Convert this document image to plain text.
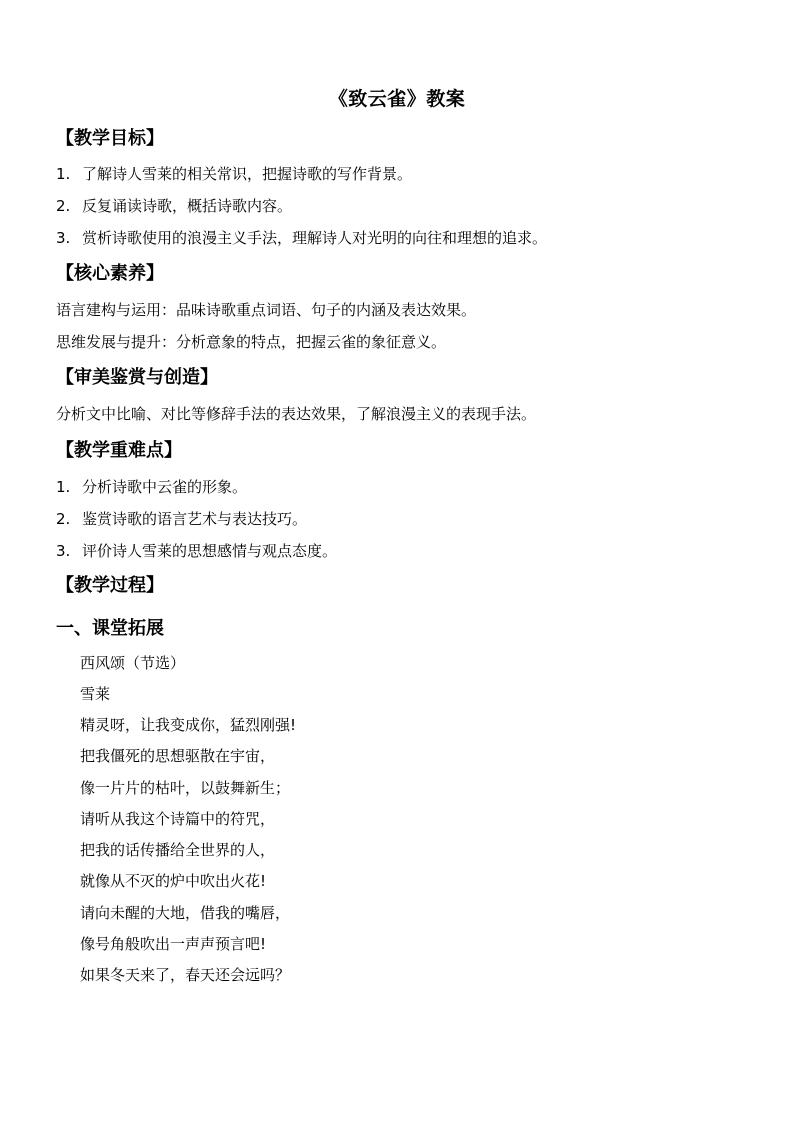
《致云雀》教案
【教学目标】
1. 了解诗人雪莱的相关常识，把握诗歌的写作背景。
2. 反复诵读诗歌，概括诗歌内容。
3. 赏析诗歌使用的浪漫主义手法，理解诗人对光明的向往和理想的追求。
【核心素养】
语言建构与运用：品味诗歌重点词语、句子的内涵及表达效果。
思维发展与提升：分析意象的特点，把握云雀的象征意义。
【审美鉴赏与创造】
分析文中比喻、对比等修辞手法的表达效果，了解浪漫主义的表现手法。
【教学重难点】
1. 分析诗歌中云雀的形象。
2. 鉴赏诗歌的语言艺术与表达技巧。
3. 评价诗人雪莱的思想感情与观点态度。
【教学过程】
一、课堂拓展
西风颂（节选）
雪莱
精灵呀，让我变成你，猛烈刚强!
把我僵死的思想驱散在宇宙，
像一片片的枯叶，以鼓舞新生；
请听从我这个诗篇中的符咒，
把我的话传播给全世界的人，
就像从不灭的炉中吹出火花!
请向未醒的大地，借我的嘴唇，
像号角般吹出一声声预言吧!
如果冬天来了，春天还会远吗？
